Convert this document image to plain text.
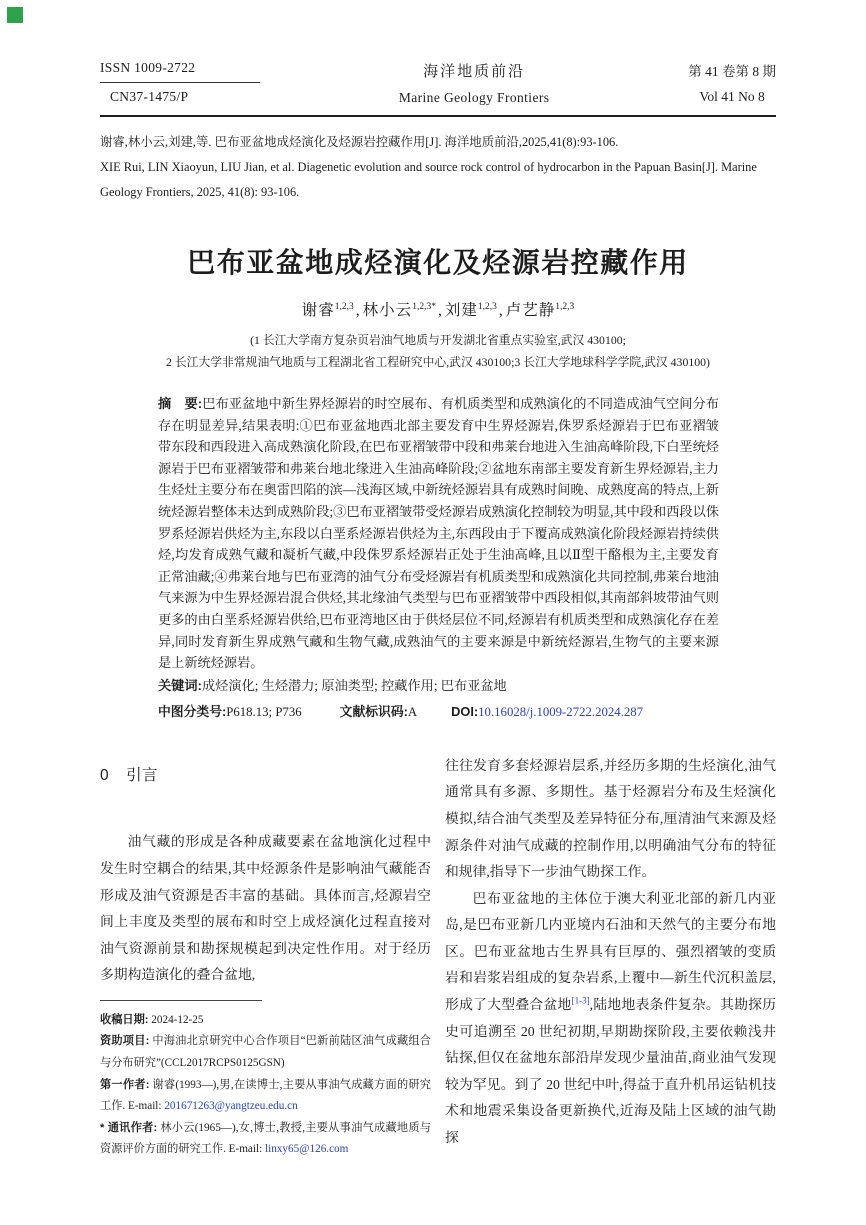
ISSN 1009-2722
CN37-1475/P
海洋地质前沿
Marine Geology Frontiers
第 41 卷第 8 期
Vol 41 No 8
谢睿,林小云,刘建,等. 巴布亚盆地成烃演化及烃源岩控藏作用[J]. 海洋地质前沿,2025,41(8):93-106.
XIE Rui, LIN Xiaoyun, LIU Jian, et al. Diagenetic evolution and source rock control of hydrocarbon in the Papuan Basin[J]. Marine Geology Frontiers, 2025, 41(8): 93-106.
巴布亚盆地成烃演化及烃源岩控藏作用
谢睿$^{1,2,3}$ , 林小云$^{1,2,3*}$ , 刘建$^{1,2,3}$ , 卢艺静$^{1,2,3}$
(1 长江大学南方复杂页岩油气地质与开发湖北省重点实验室,武汉 430100;
2 长江大学非常规油气地质与工程湖北省工程研究中心,武汉 430100;3 长江大学地球科学学院,武汉 430100)
摘　要:巴布亚盆地中新生界烃源岩的时空展布、有机质类型和成熟演化的不同造成油气空间分布存在明显差异,结果表明:①巴布亚盆地西北部主要发育中生界烃源岩,侏罗系烃源岩于巴布亚褶皱带东段和西段进入高成熟演化阶段,在巴布亚褶皱带中段和弗莱台地进入生油高峰阶段,下白垩统烃源岩于巴布亚褶皱带和弗莱台地北缘进入生油高峰阶段;②盆地东南部主要发育新生界烃源岩,主力生烃灶主要分布在奥雷凹陷的滨—浅海区域,中新统烃源岩具有成熟时间晚、成熟度高的特点,上新统烃源岩整体未达到成熟阶段;③巴布亚褶皱带受烃源岩成熟演化控制较为明显,其中段和西段以侏罗系烃源岩供烃为主,东段以白垩系烃源岩供烃为主,东西段由于下覆高成熟演化阶段烃源岩持续供烃,均发育成熟气藏和凝析气藏,中段侏罗系烃源岩正处于生油高峰,且以Ⅱ型干酪根为主,主要发育正常油藏;④弗莱台地与巴布亚湾的油气分布受烃源岩有机质类型和成熟演化共同控制,弗莱台地油气来源为中生界烃源岩混合供烃,其北缘油气类型与巴布亚褶皱带中西段相似,其南部斜坡带油气则更多的由白垩系烃源岩供给,巴布亚湾地区由于供烃层位不同,烃源岩有机质类型和成熟演化存在差异,同时发育新生界成熟气藏和生物气藏,成熟油气的主要来源是中新统烃源岩,生物气的主要来源是上新统烃源岩。
关键词:成烃演化; 生烃潜力; 原油类型; 控藏作用; 巴布亚盆地
中图分类号:P618.13; P736	文献标识码:A	DOI:10.16028/j.1009-2722.2024.287
0 引言

油气藏的形成是各种成藏要素在盆地演化过程中发生时空耦合的结果,其中烃源条件是影响油气藏能否形成及油气资源是否丰富的基础。具体而言,烃源岩空间上丰度及类型的展布和时空上成烃演化过程直接对油气资源前景和勘探规模起到决定性作用。对于经历多期构造演化的叠合盆地,

收稿日期: 2024-12-25

资助项目: 中海油北京研究中心合作项目“巴新前陆区油气成藏组合与分布研究”(CCL2017RCPS0125GSN)

第一作者: 谢睿(1993—),男,在读博士,主要从事油气成藏方面的研究工作. E-mail: 201671263@yangtzeu.edu.cn

* 通讯作者: 林小云(1965—),女,博士,教授,主要从事油气成藏地质与资源评价方面的研究工作. E-mail: linxy65@126.com

往往发育多套烃源岩层系,并经历多期的生烃演化,油气通常具有多源、多期性。基于烃源岩分布及生烃演化模拟,结合油气类型及差异特征分布,厘清油气来源及烃源条件对油气成藏的控制作用,以明确油气分布的特征和规律,指导下一步油气勘探工作。

巴布亚盆地的主体位于澳大利亚北部的新几内亚岛,是巴布亚新几内亚境内石油和天然气的主要分布地区。巴布亚盆地古生界具有巨厚的、强烈褶皱的变质岩和岩浆岩组成的复杂岩系,上覆中—新生代沉积盖层,形成了大型叠合盆地[1-3],陆地地表条件复杂。其勘探历史可追溯至 20 世纪初期,早期勘探阶段,主要依赖浅井钻探,但仅在盆地东部沿岸发现少量油苗,商业油气发现较为罕见。到了 20 世纪中叶,得益于直升机吊运钻机技术和地震采集设备更新换代,近海及陆上区域的油气勘探
